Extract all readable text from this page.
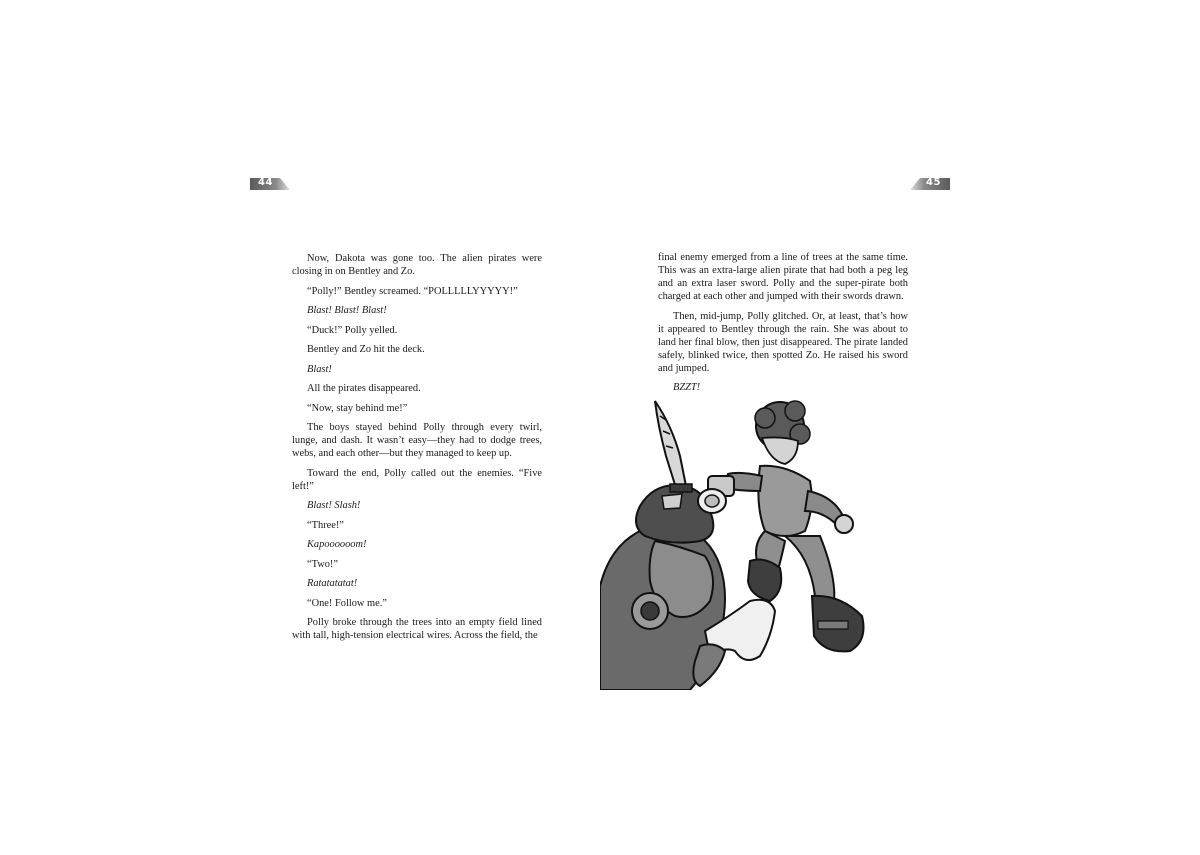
44	45

Now, Dakota was gone too. The alien pirates were closing in on Bentley and Zo.

“Polly!” Bentley screamed. “POLLLLLYYYYY!”

Blast! Blast! Blast!

“Duck!” Polly yelled.

Bentley and Zo hit the deck.

Blast!

All the pirates disappeared.

“Now, stay behind me!”

The boys stayed behind Polly through every twirl, lunge, and dash. It wasn’t easy—they had to dodge trees, webs, and each other—but they managed to keep up.

Toward the end, Polly called out the enemies. “Five left!”

Blast! Slash!

“Three!”

Kapoooooom!

“Two!”

Ratatatatat!

“One! Follow me.”

Polly broke through the trees into an empty field lined with tall, high-tension electrical wires. Across the field, the

final enemy emerged from a line of trees at the same time. This was an extra-large alien pirate that had both a peg leg and an extra laser sword. Polly and the super-pirate both charged at each other and jumped with their swords drawn.

Then, mid-jump, Polly glitched. Or, at least, that’s how it appeared to Bentley through the rain. She was about to land her final blow, then just disappeared. The pirate landed safely, blinked twice, then spotted Zo. He raised his sword and jumped.

BZZT!
